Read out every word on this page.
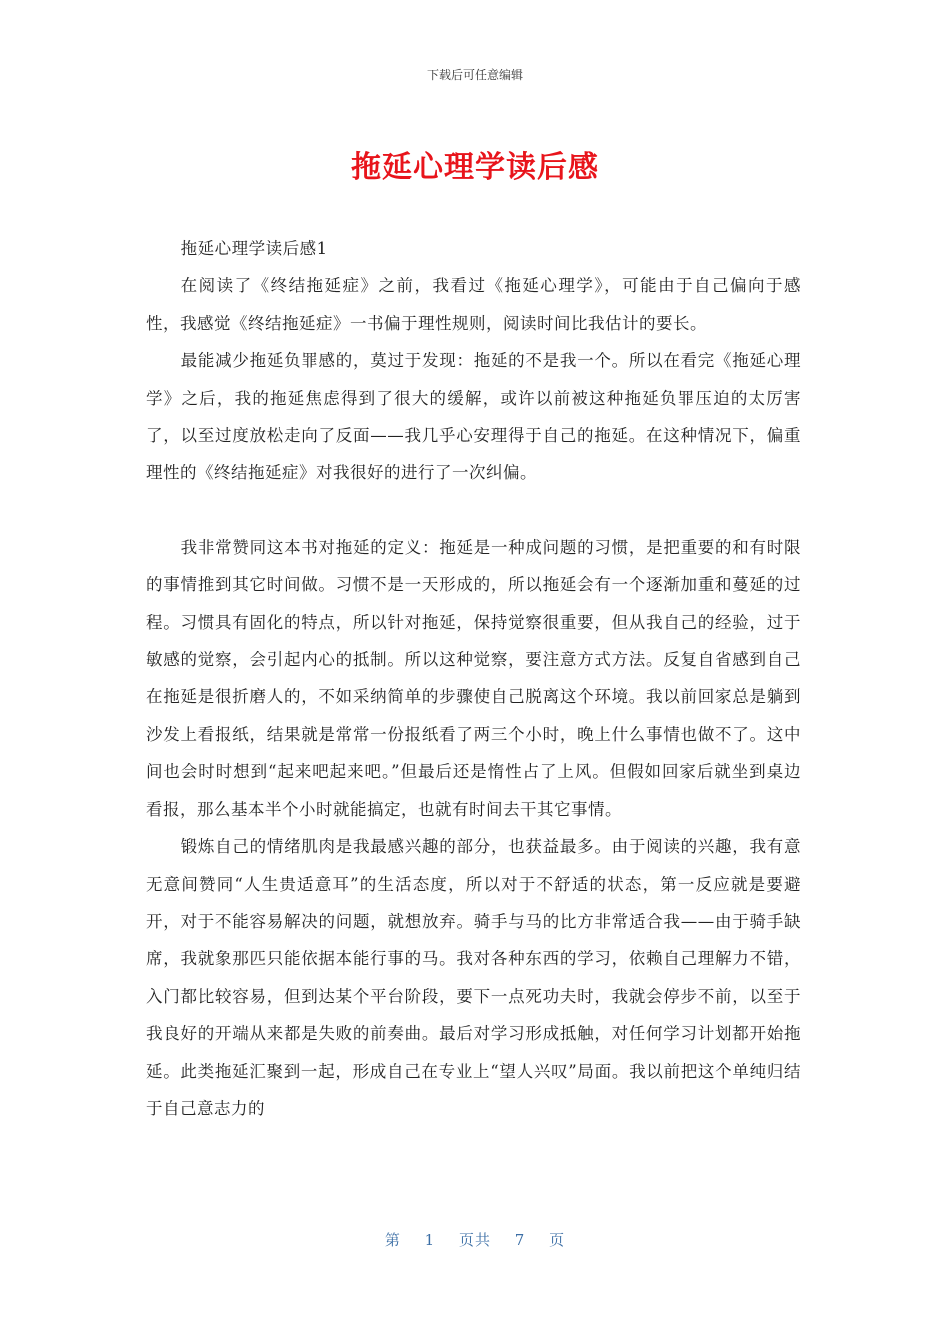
下载后可任意编辑
拖延心理学读后感

拖延心理学读后感1

在阅读了《终结拖延症》之前，我看过《拖延心理学》，可能由于自己偏向于感性，我感觉《终结拖延症》一书偏于理性规则，阅读时间比我估计的要长。

最能减少拖延负罪感的，莫过于发现：拖延的不是我一个。所以在看完《拖延心理学》之后，我的拖延焦虑得到了很大的缓解，或许以前被这种拖延负罪压迫的太厉害了，以至过度放松走向了反面——我几乎心安理得于自己的拖延。在这种情况下，偏重理性的《终结拖延症》对我很好的进行了一次纠偏。

我非常赞同这本书对拖延的定义：拖延是一种成问题的习惯，是把重要的和有时限的事情推到其它时间做。习惯不是一天形成的，所以拖延会有一个逐渐加重和蔓延的过程。习惯具有固化的特点，所以针对拖延，保持觉察很重要，但从我自己的经验，过于敏感的觉察，会引起内心的抵制。所以这种觉察，要注意方式方法。反复自省感到自己在拖延是很折磨人的，不如采纳简单的步骤使自己脱离这个环境。我以前回家总是躺到沙发上看报纸，结果就是常常一份报纸看了两三个小时，晚上什么事情也做不了。这中间也会时时想到“起来吧起来吧。”但最后还是惰性占了上风。但假如回家后就坐到桌边看报，那么基本半个小时就能搞定，也就有时间去干其它事情。

锻炼自己的情绪肌肉是我最感兴趣的部分，也获益最多。由于阅读的兴趣，我有意无意间赞同“人生贵适意耳”的生活态度，所以对于不舒适的状态，第一反应就是要避开，对于不能容易解决的问题，就想放弃。骑手与马的比方非常适合我——由于骑手缺席，我就象那匹只能依据本能行事的马。我对各种东西的学习，依赖自己理解力不错，入门都比较容易，但到达某个平台阶段，要下一点死功夫时，我就会停步不前，以至于我良好的开端从来都是失败的前奏曲。最后对学习形成抵触，对任何学习计划都开始拖延。此类拖延汇聚到一起，形成自己在专业上“望人兴叹”局面。我以前把这个单纯归结于自己意志力的

第 1 页共 7 页
